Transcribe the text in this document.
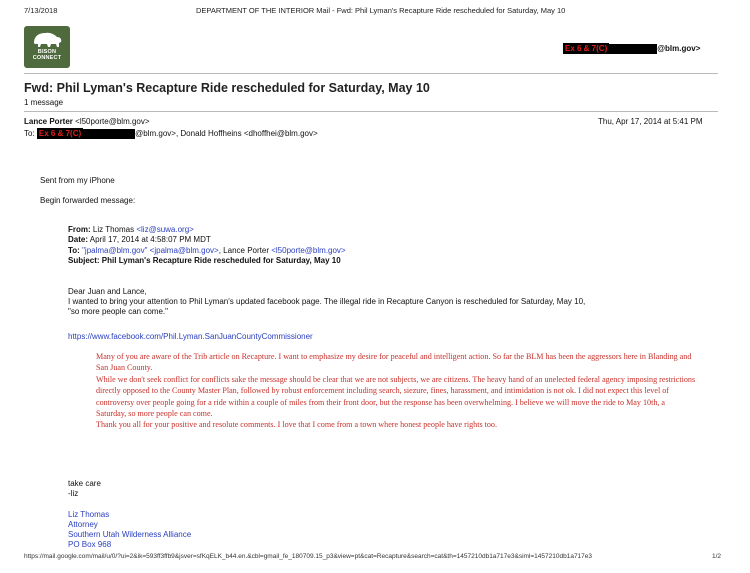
7/13/2018	DEPARTMENT OF THE INTERIOR Mail - Fwd: Phil Lyman's Recapture Ride rescheduled for Saturday, May 10
BISON
CONNECT
Ex 6 & 7(C)	@blm.gov>
Fwd: Phil Lyman's Recapture Ride rescheduled for Saturday, May 10
1 message
Lance Porter <l50porte@blm.gov>	Thu, Apr 17, 2014 at 5:41 PM
To: Ex 6 & 7(C)	@blm.gov>, Donald Hoffheins <dhoffhei@blm.gov>
Sent from my iPhone
Begin forwarded message:
From: Liz Thomas <liz@suwa.org>
Date: April 17, 2014 at 4:58:07 PM MDT
To: "jpalma@blm.gov" <jpalma@blm.gov>, Lance Porter <l50porte@blm.gov>
Subject: Phil Lyman's Recapture Ride rescheduled for Saturday, May 10
Dear Juan and Lance,
I wanted to bring your attention to Phil Lyman's updated facebook page. The illegal ride in Recapture Canyon is rescheduled for Saturday, May 10,
"so more people can come."
https://www.facebook.com/Phil.Lyman.SanJuanCountyCommissioner

Many of you are aware of the Trib article on Recapture. I want to emphasize my desire for peaceful and intelligent action. So far the BLM has been the aggressors here in Blanding and San Juan County.

While we don't seek conflict for conflicts sake the message should be clear that we are not subjects, we are citizens. The heavy hand of an unelected federal agency imposing restrictions directly opposed to the County Master Plan, followed by robust enforcement including search, siezure, fines, harassment, and intimidation is not ok. I did not expect this level of controversy over people going for a ride within a couple of miles from their front door, but the response has been overwhelming. I believe we will move the ride to May 10th, a Saturday, so more people can come.

Thank you all for your positive and resolute comments. I love that I come from a town where honest people have rights too.

take care
-liz
Liz Thomas
Attorney
Southern Utah Wilderness Alliance
PO Box 968
https://mail.google.com/mail/u/0/?ui=2&ik=593ff3ffb9&jsver=sfKqELK_b44.en.&cbl=gmail_fe_180709.15_p3&view=pt&cat=Recapture&search=cat&th=1457210db1a717e3&siml=1457210db1a717e3	1/2
